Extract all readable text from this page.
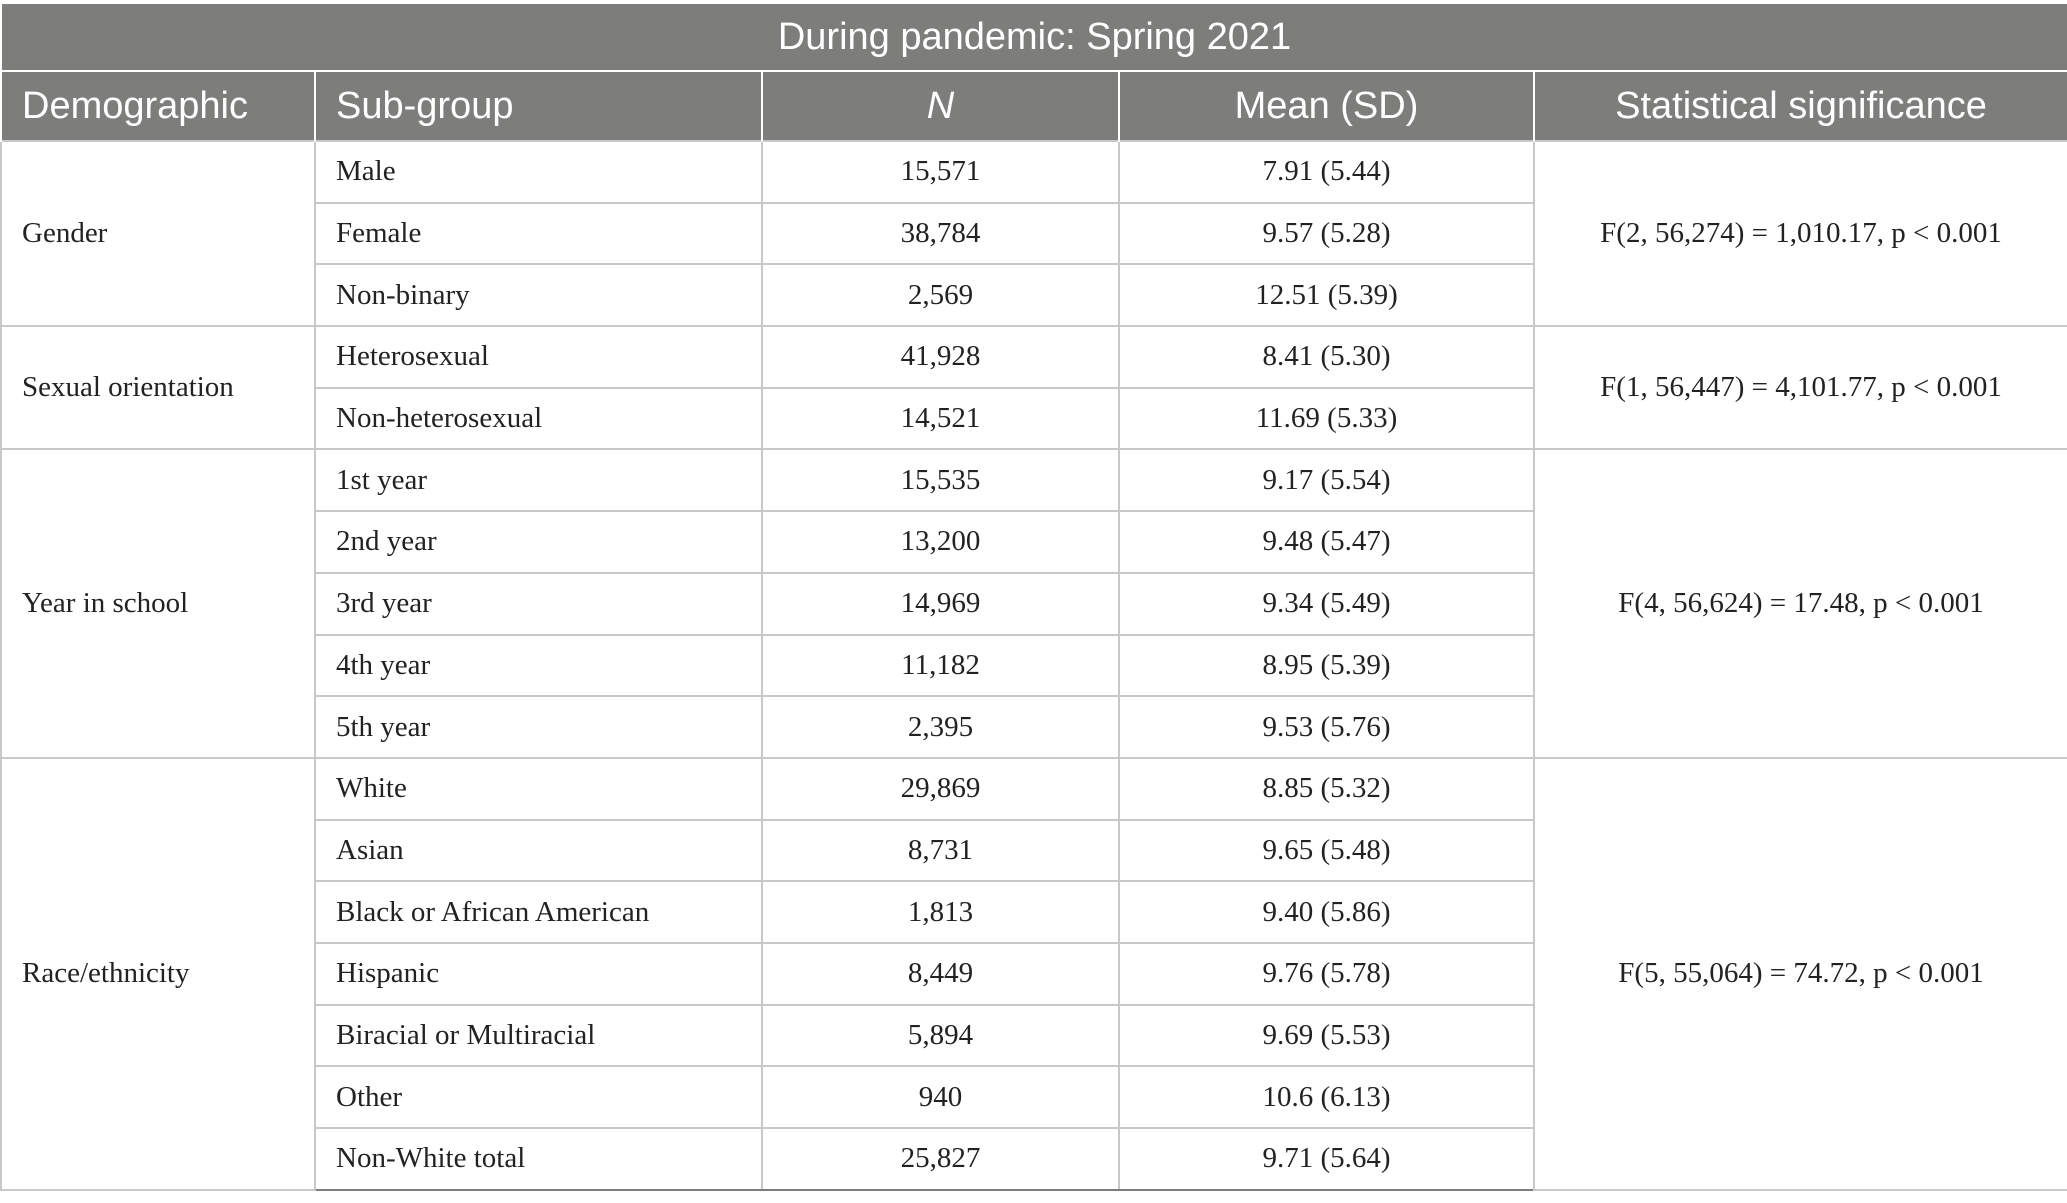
During pandemic: Spring 2021				
Demographic	Sub-group	N	Mean (SD)	Statistical significance
Gender	Male	15,571	7.91 (5.44)	F(2, 56,274) = 1,010.17, p < 0.001
	Female	38,784	9.57 (5.28)	
	Non-binary	2,569	12.51 (5.39)	
Sexual orientation	Heterosexual	41,928	8.41 (5.30)	F(1, 56,447) = 4,101.77, p < 0.001
	Non-heterosexual	14,521	11.69 (5.33)	
Year in school	1st year	15,535	9.17 (5.54)	F(4, 56,624) = 17.48, p < 0.001
	2nd year	13,200	9.48 (5.47)	
	3rd year	14,969	9.34 (5.49)	
	4th year	11,182	8.95 (5.39)	
	5th year	2,395	9.53 (5.76)	
Race/ethnicity	White	29,869	8.85 (5.32)	F(5, 55,064) = 74.72, p < 0.001
	Asian	8,731	9.65 (5.48)	
	Black or African American	1,813	9.40 (5.86)	
	Hispanic	8,449	9.76 (5.78)	
	Biracial or Multiracial	5,894	9.69 (5.53)	
	Other	940	10.6 (6.13)	
	Non-White total	25,827	9.71 (5.64)	
